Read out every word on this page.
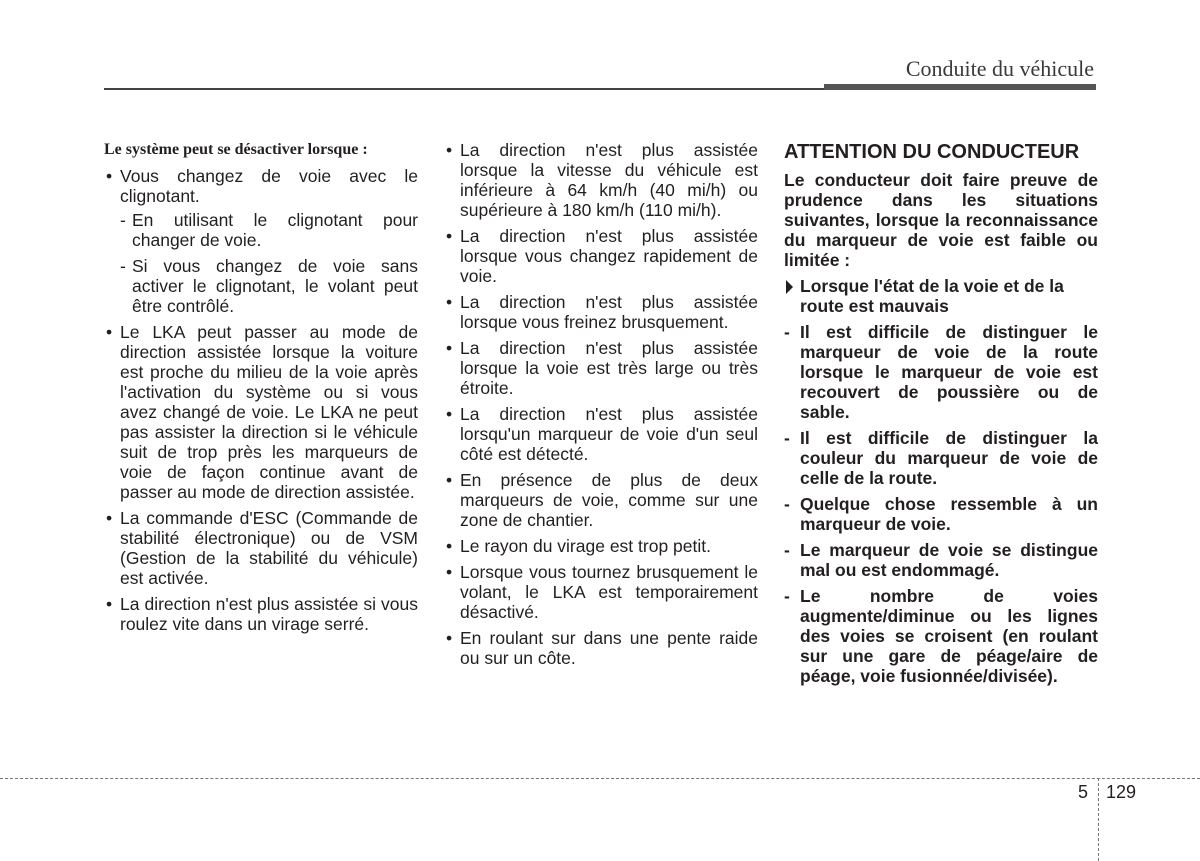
Conduite du véhicule

Le système peut se désactiver lorsque :

• Vous changez de voie avec le clignotant.
- En utilisant le clignotant pour changer de voie.
- Si vous changez de voie sans activer le clignotant, le volant peut être contrôlé.
• Le LKA peut passer au mode de direction assistée lorsque la voiture est proche du milieu de la voie après l'activation du système ou si vous avez changé de voie. Le LKA ne peut pas assister la direction si le véhicule suit de trop près les marqueurs de voie de façon continue avant de passer au mode de direction assistée.
• La commande d'ESC (Commande de stabilité électronique) ou de VSM (Gestion de la stabilité du véhicule) est activée.
• La direction n'est plus assistée si vous roulez vite dans un virage serré.
• La direction n'est plus assistée lorsque la vitesse du véhicule est inférieure à 64 km/h (40 mi/h) ou supérieure à 180 km/h (110 mi/h).
• La direction n'est plus assistée lorsque vous changez rapidement de voie.
• La direction n'est plus assistée lorsque vous freinez brusquement.
• La direction n'est plus assistée lorsque la voie est très large ou très étroite.
• La direction n'est plus assistée lorsqu'un marqueur de voie d'un seul côté est détecté.
• En présence de plus de deux marqueurs de voie, comme sur une zone de chantier.
• Le rayon du virage est trop petit.
• Lorsque vous tournez brusquement le volant, le LKA est temporairement désactivé.
• En roulant sur dans une pente raide ou sur un côte.
ATTENTION DU CONDUCTEUR

Le conducteur doit faire preuve de prudence dans les situations suivantes, lorsque la reconnaissance du marqueur de voie est faible ou limitée :

Lorsque l'état de la voie et de la route est mauvais
- Il est difficile de distinguer le marqueur de voie de la route lorsque le marqueur de voie est recouvert de poussière ou de sable.
- Il est difficile de distinguer la couleur du marqueur de voie de celle de la route.
- Quelque chose ressemble à un marqueur de voie.
- Le marqueur de voie se distingue mal ou est endommagé.
- Le nombre de voies augmente/diminue ou les lignes des voies se croisent (en roulant sur une gare de péage/aire de péage, voie fusionnée/divisée).
5 129
